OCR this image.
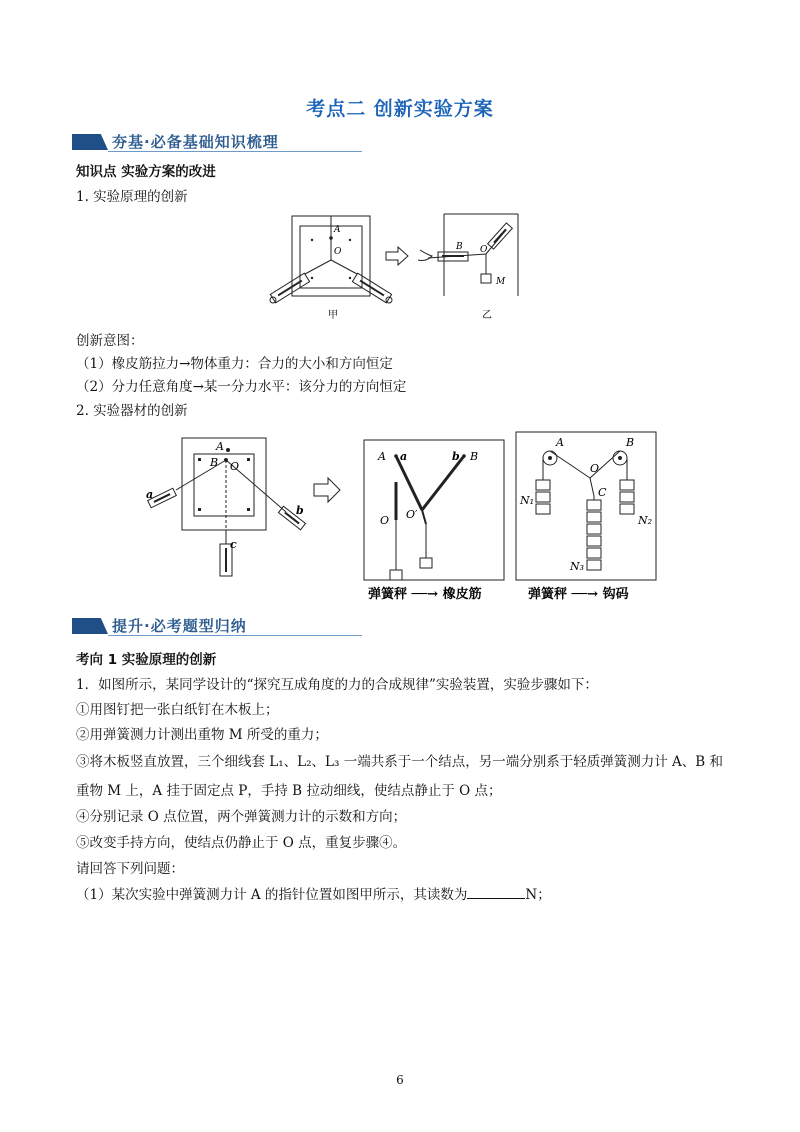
考点二 创新实验方案
夯基·必备基础知识梳理
知识点 实验方案的改进
1. 实验原理的创新
A
O
甲
B O
M
乙
创新意图：
（1）橡皮筋拉力→物体重力：合力的大小和方向恒定
（2）分力任意角度→某一分力水平：该分力的方向恒定
2. 实验器材的创新
A
B O
a
b
c
A a	b B
O O′
弹簧秤 ──→ 橡皮筋
A	B
O
C
N₁
N₂
N₃
弹簧秤 ──→ 钩码
提升·必考题型归纳
考向 1 实验原理的创新
1．如图所示，某同学设计的“探究互成角度的力的合成规律”实验装置，实验步骤如下：
①用图钉把一张白纸钉在木板上；
②用弹簧测力计测出重物 M 所受的重力；
③将木板竖直放置，三个细线套 L₁、L₂、L₃ 一端共系于一个结点，另一端分别系于轻质弹簧测力计 A、B 和
重物 M 上，A 挂于固定点 P，手持 B 拉动细线，使结点静止于 O 点；
④分别记录 O 点位置，两个弹簧测力计的示数和方向；
⑤改变手持方向，使结点仍静止于 O 点，重复步骤④。
请回答下列问题：
（1）某次实验中弹簧测力计 A 的指针位置如图甲所示，其读数为	N；
6
